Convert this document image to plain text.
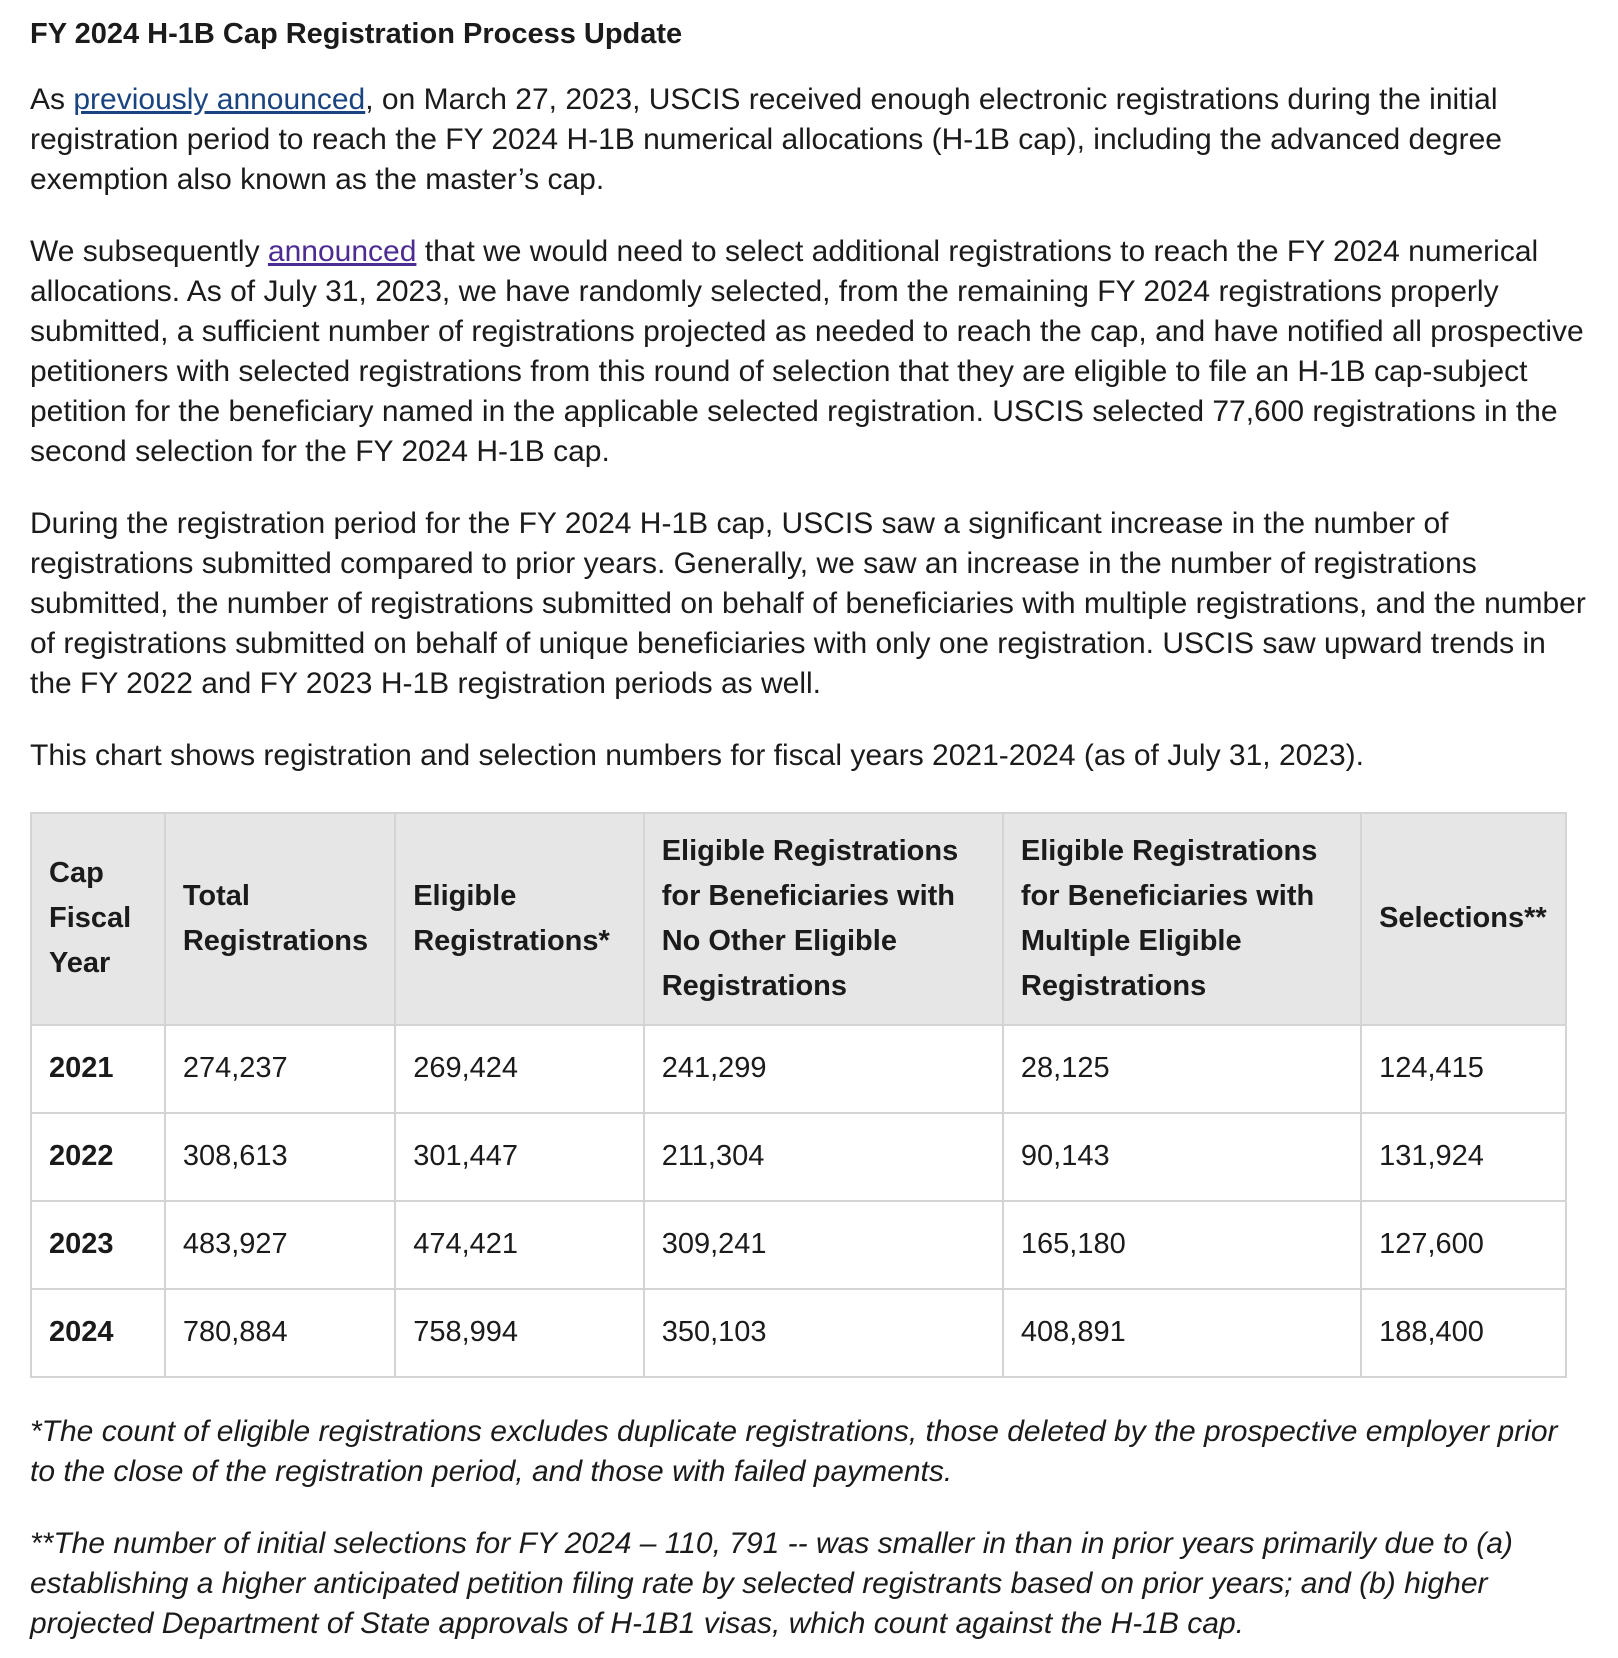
FY 2024 H-1B Cap Registration Process Update

As previously announced, on March 27, 2023, USCIS received enough electronic registrations during the initial registration period to reach the FY 2024 H-1B numerical allocations (H-1B cap), including the advanced degree exemption also known as the master’s cap.

We subsequently announced that we would need to select additional registrations to reach the FY 2024 numerical allocations. As of July 31, 2023, we have randomly selected, from the remaining FY 2024 registrations properly submitted, a sufficient number of registrations projected as needed to reach the cap, and have notified all prospective petitioners with selected registrations from this round of selection that they are eligible to file an H-1B cap-subject petition for the beneficiary named in the applicable selected registration. USCIS selected 77,600 registrations in the second selection for the FY 2024 H-1B cap.

During the registration period for the FY 2024 H-1B cap, USCIS saw a significant increase in the number of registrations submitted compared to prior years. Generally, we saw an increase in the number of registrations submitted, the number of registrations submitted on behalf of beneficiaries with multiple registrations, and the number of registrations submitted on behalf of unique beneficiaries with only one registration. USCIS saw upward trends in the FY 2022 and FY 2023 H-1B registration periods as well.

This chart shows registration and selection numbers for fiscal years 2021-2024 (as of July 31, 2023).

Cap Fiscal Year	Total Registrations	Eligible Registrations*	Eligible Registrations for Beneficiaries with No Other Eligible Registrations	Eligible Registrations for Beneficiaries with Multiple Eligible Registrations	Selections**
2021	274,237	269,424	241,299	28,125	124,415
2022	308,613	301,447	211,304	90,143	131,924
2023	483,927	474,421	309,241	165,180	127,600
2024	780,884	758,994	350,103	408,891	188,400

*The count of eligible registrations excludes duplicate registrations, those deleted by the prospective employer prior to the close of the registration period, and those with failed payments.

**The number of initial selections for FY 2024 – 110, 791 -- was smaller in than in prior years primarily due to (a) establishing a higher anticipated petition filing rate by selected registrants based on prior years; and (b) higher projected Department of State approvals of H-1B1 visas, which count against the H-1B cap.
